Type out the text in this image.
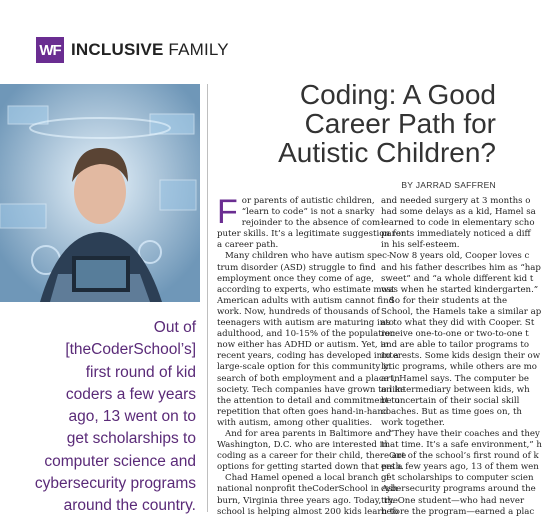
WF INCLUSIVE FAMILY
Out of
[theCoderSchool’s]
first round of kid
coders a few years
ago, 13 went on to
get scholarships to
computer science and
cybersecurity programs
around the country.
Coding: A Good
Career Path for
Autistic Children?
BY JARRAD SAFFREN

F or parents of autistic children,
“learn to code” is not a snarky
rejoinder to the absence of com-
puter skills. It’s a legitimate suggestion for
a career path.

Many children who have autism spec-
trum disorder (ASD) struggle to find
employment once they come of age,
according to experts, who estimate most
American adults with autism cannot find
work. Now, hundreds of thousands of
teenagers with autism are maturing into
adulthood, and 10-15% of the population
now either has ADHD or autism. Yet, in
recent years, coding has developed into a
large-scale option for this community in
search of both employment and a place in
society. Tech companies have grown to like
the attention to detail and commitment to
repetition that often goes hand-in-hand
with autism, among other qualities.

And for area parents in Baltimore and
Washington, D.C. who are interested in
coding as a career for their child, there are
options for getting started down that path.

Chad Hamel opened a local branch of
national nonprofit theCoderSchool in Ash-
burn, Virginia three years ago. Today, the
school is helping almost 200 kids learn to

and needed surgery at 3 months o
had some delays as a kid, Hamel sa
learned to code in elementary scho
parents immediately noticed a diff
in his self-esteem.

Now 8 years old, Cooper loves c
and his father describes him as “hap
sweet” and “a whole different kid t
was when he started kindergarten.”

So for their students at the
School, the Hamels take a similar ap
as to what they did with Cooper. St
receive one-to-one or two-to-one t
and are able to tailor programs to
interests. Some kids design their ow
lytic programs, while others are mo
art, Hamel says. The computer be
an intermediary between kids, wh
be uncertain of their social skill
coaches. But as time goes on, th
work together.

“They have their coaches and they
that time. It’s a safe environment,” h

Out of the school’s first round of k
ers a few years ago, 13 of them wen
get scholarships to computer scien
cybersecurity programs around the
try. One student—who had never
before the program—earned a plac
